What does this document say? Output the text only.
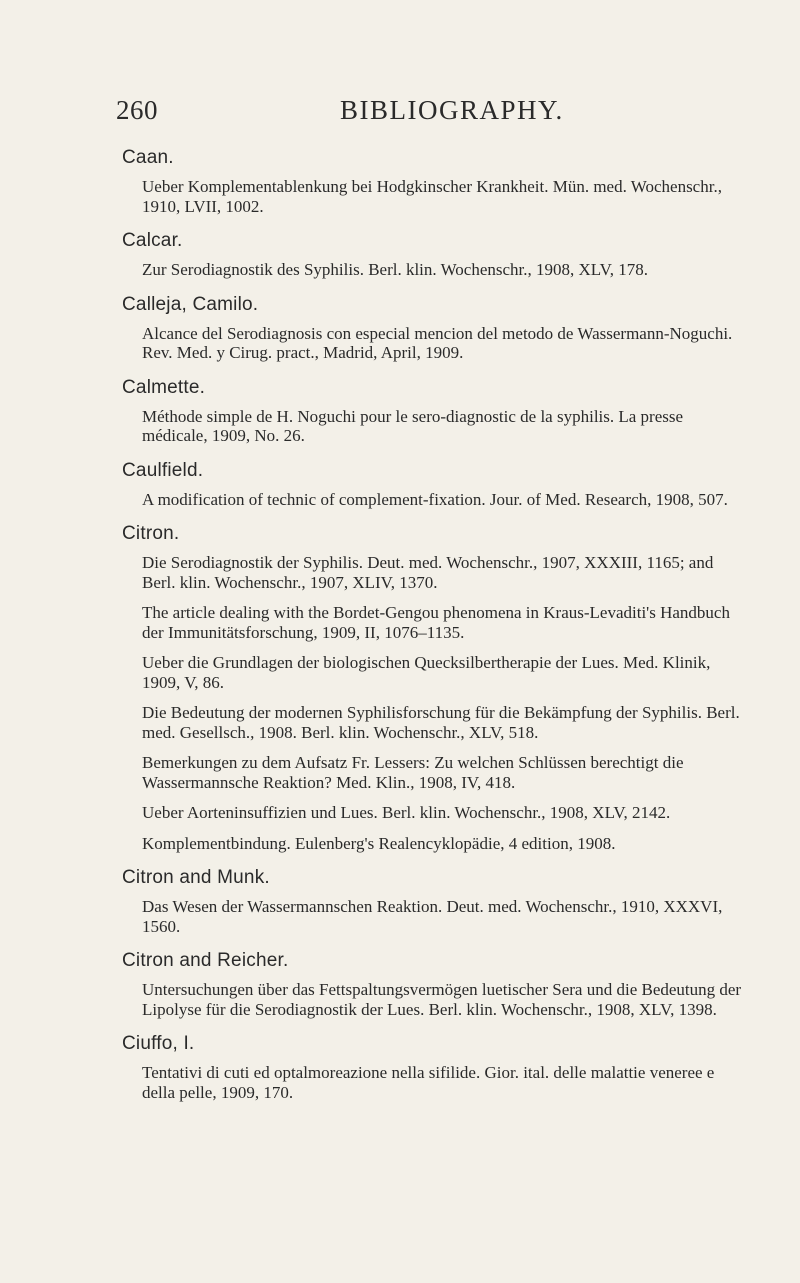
260	BIBLIOGRAPHY.
Caan.
Ueber Komplementablenkung bei Hodgkinscher Krankheit. Mün. med. Wochenschr., 1910, LVII, 1002.
Calcar.
Zur Serodiagnostik des Syphilis. Berl. klin. Wochenschr., 1908, XLV, 178.
Calleja, Camilo.
Alcance del Serodiagnosis con especial mencion del metodo de Wassermann-Noguchi. Rev. Med. y Cirug. pract., Madrid, April, 1909.
Calmette.
Méthode simple de H. Noguchi pour le sero-diagnostic de la syphilis. La presse médicale, 1909, No. 26.
Caulfield.
A modification of technic of complement-fixation. Jour. of Med. Research, 1908, 507.
Citron.
Die Serodiagnostik der Syphilis. Deut. med. Wochenschr., 1907, XXXIII, 1165; and Berl. klin. Wochenschr., 1907, XLIV, 1370.
The article dealing with the Bordet-Gengou phenomena in Kraus-Levaditi's Handbuch der Immunitätsforschung, 1909, II, 1076–1135.
Ueber die Grundlagen der biologischen Quecksilbertherapie der Lues. Med. Klinik, 1909, V, 86.
Die Bedeutung der modernen Syphilisforschung für die Bekämpfung der Syphilis. Berl. med. Gesellsch., 1908. Berl. klin. Wochenschr., XLV, 518.
Bemerkungen zu dem Aufsatz Fr. Lessers: Zu welchen Schlüssen berechtigt die Wassermannsche Reaktion? Med. Klin., 1908, IV, 418.
Ueber Aorteninsuffizien und Lues. Berl. klin. Wochenschr., 1908, XLV, 2142.
Komplementbindung. Eulenberg's Realencyklopädie, 4 edition, 1908.
Citron and Munk.
Das Wesen der Wassermannschen Reaktion. Deut. med. Wochenschr., 1910, XXXVI, 1560.
Citron and Reicher.
Untersuchungen über das Fettspaltungsvermögen luetischer Sera und die Bedeutung der Lipolyse für die Serodiagnostik der Lues. Berl. klin. Wochenschr., 1908, XLV, 1398.
Ciuffo, I.
Tentativi di cuti ed optalmoreazione nella sifilide. Gior. ital. delle malattie veneree e della pelle, 1909, 170.
